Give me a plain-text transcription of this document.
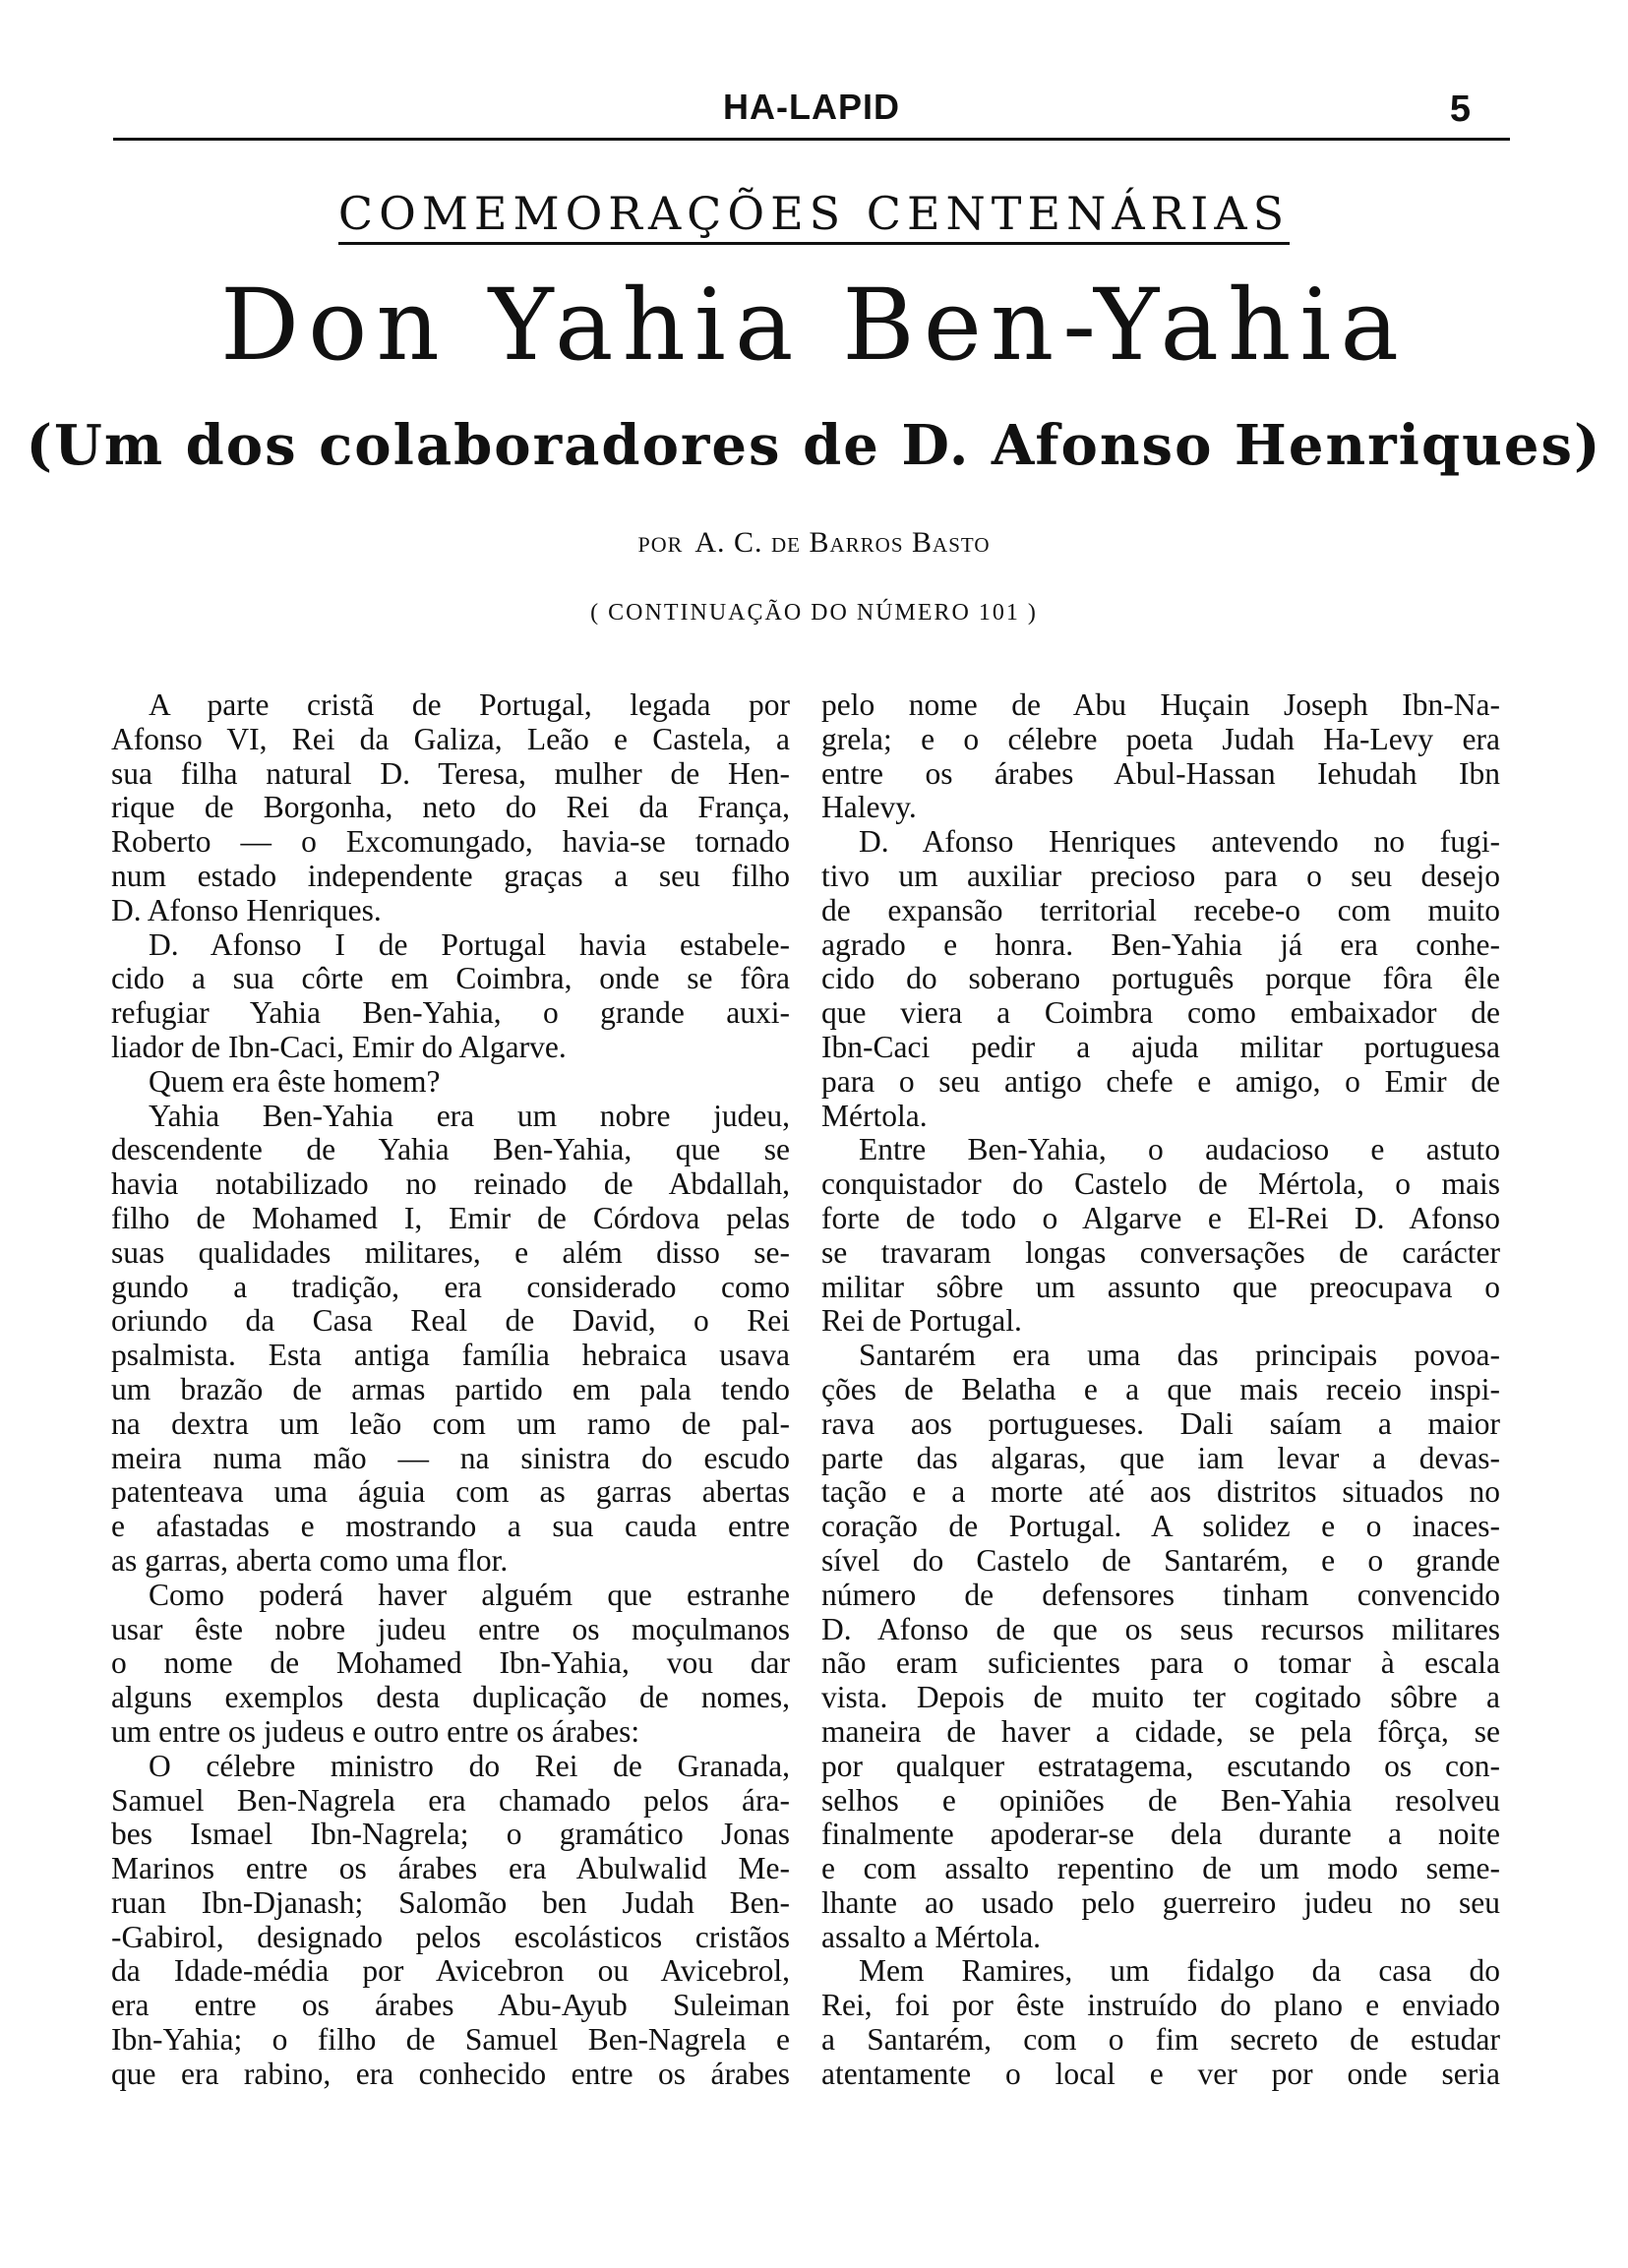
HA-LAPID	5
COMEMORAÇÕES CENTENÁRIAS
Don Yahia Ben-Yahia
(Um dos colaboradores de D. Afonso Henriques)
POR A. C. de Barros Basto
( CONTINUAÇÃO DO NÚMERO 101 )

A parte cristã de Portugal, legada por
Afonso VI, Rei da Galiza, Leão e Castela, a
sua filha natural D. Teresa, mulher de Hen-
rique de Borgonha, neto do Rei da França,
Roberto — o Excomungado, havia-se tornado
num estado independente graças a seu filho
D. Afonso Henriques.

D. Afonso I de Portugal havia estabele-
cido a sua côrte em Coimbra, onde se fôra
refugiar Yahia Ben-Yahia, o grande auxi-
liador de Ibn-Caci, Emir do Algarve.

Quem era êste homem?

Yahia Ben-Yahia era um nobre judeu,
descendente de Yahia Ben-Yahia, que se
havia notabilizado no reinado de Abdallah,
filho de Mohamed I, Emir de Córdova pelas
suas qualidades militares, e além disso se-
gundo a tradição, era considerado como
oriundo da Casa Real de David, o Rei
psalmista. Esta antiga família hebraica usava
um brazão de armas partido em pala tendo
na dextra um leão com um ramo de pal-
meira numa mão — na sinistra do escudo
patenteava uma águia com as garras abertas
e afastadas e mostrando a sua cauda entre
as garras, aberta como uma flor.

Como poderá haver alguém que estranhe
usar êste nobre judeu entre os moçulmanos
o nome de Mohamed Ibn-Yahia, vou dar
alguns exemplos desta duplicação de nomes,
um entre os judeus e outro entre os árabes:

O célebre ministro do Rei de Granada,
Samuel Ben-Nagrela era chamado pelos ára-
bes Ismael Ibn-Nagrela; o gramático Jonas
Marinos entre os árabes era Abulwalid Me-
ruan Ibn-Djanash; Salomão ben Judah Ben-
-Gabirol, designado pelos escolásticos cristãos
da Idade-média por Avicebron ou Avicebrol,
era entre os árabes Abu-Ayub Suleiman
Ibn-Yahia; o filho de Samuel Ben-Nagrela e
que era rabino, era conhecido entre os árabes

pelo nome de Abu Huçain Joseph Ibn-Na-
grela; e o célebre poeta Judah Ha-Levy era
entre os árabes Abul-Hassan Iehudah Ibn
Halevy.

D. Afonso Henriques antevendo no fugi-
tivo um auxiliar precioso para o seu desejo
de expansão territorial recebe-o com muito
agrado e honra. Ben-Yahia já era conhe-
cido do soberano português porque fôra êle
que viera a Coimbra como embaixador de
Ibn-Caci pedir a ajuda militar portuguesa
para o seu antigo chefe e amigo, o Emir de
Mértola.

Entre Ben-Yahia, o audacioso e astuto
conquistador do Castelo de Mértola, o mais
forte de todo o Algarve e El-Rei D. Afonso
se travaram longas conversações de carácter
militar sôbre um assunto que preocupava o
Rei de Portugal.

Santarém era uma das principais povoa-
ções de Belatha e a que mais receio inspi-
rava aos portugueses. Dali saíam a maior
parte das algaras, que iam levar a devas-
tação e a morte até aos distritos situados no
coração de Portugal. A solidez e o inaces-
sível do Castelo de Santarém, e o grande
número de defensores tinham convencido
D. Afonso de que os seus recursos militares
não eram suficientes para o tomar à escala
vista. Depois de muito ter cogitado sôbre a
maneira de haver a cidade, se pela fôrça, se
por qualquer estratagema, escutando os con-
selhos e opiniões de Ben-Yahia resolveu
finalmente apoderar-se dela durante a noite
e com assalto repentino de um modo seme-
lhante ao usado pelo guerreiro judeu no seu
assalto a Mértola.

Mem Ramires, um fidalgo da casa do
Rei, foi por êste instruído do plano e enviado
a Santarém, com o fim secreto de estudar
atentamente o local e ver por onde seria
